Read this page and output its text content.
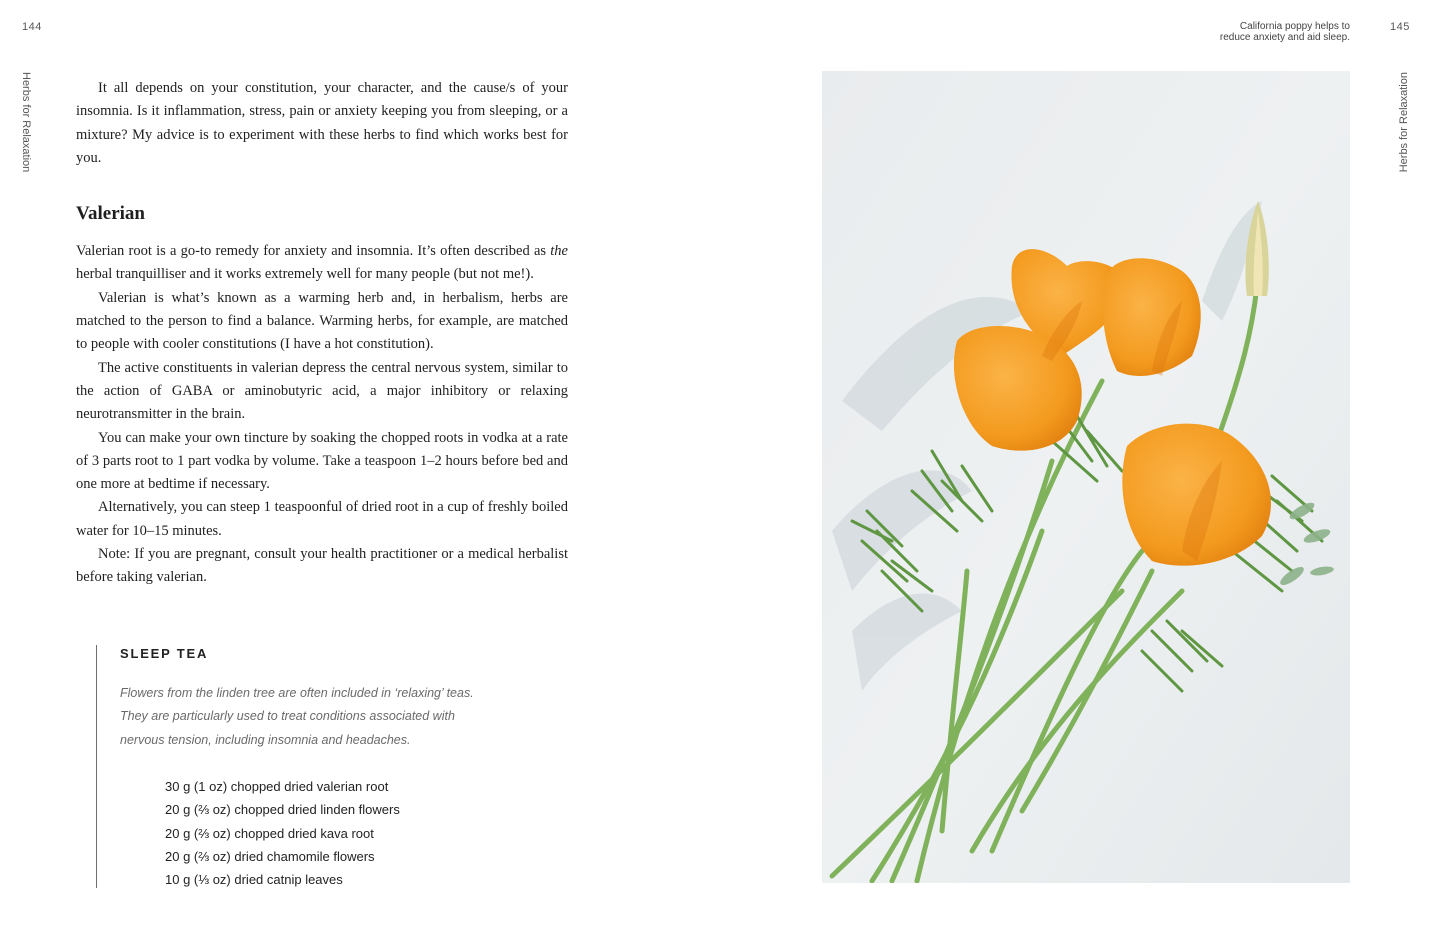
144
Herbs for Relaxation	It all depends on your constitution, your character, and the cause/s of your insomnia. Is it inflammation, stress, pain or anxiety keeping you from sleeping, or a mixture? My advice is to experiment with these herbs to find which works best for you.

Valerian

Valerian root is a go-to remedy for anxiety and insomnia. It’s often described as the herbal tranquilliser and it works extremely well for many people (but not me!).

Valerian is what’s known as a warming herb and, in herbalism, herbs are matched to the person to find a balance. Warming herbs, for example, are matched to people with cooler constitutions (I have a hot constitution).

The active constituents in valerian depress the central nervous system, similar to the action of GABA or aminobutyric acid, a major inhibitory or relaxing neurotransmitter in the brain.

You can make your own tincture by soaking the chopped roots in vodka at a rate of 3 parts root to 1 part vodka by volume. Take a teaspoon 1–2 hours before bed and one more at bedtime if necessary.

Alternatively, you can steep 1 teaspoonful of dried root in a cup of freshly boiled water for 10–15 minutes.

Note: If you are pregnant, consult your health practitioner or a medical herbalist before taking valerian.

SLEEP TEA
Flowers from the linden tree are often included in ‘relaxing’ teas.
They are particularly used to treat conditions associated with
nervous tension, including insomnia and headaches.
30 g (1 oz) chopped dried valerian root
20 g (⅔ oz) chopped dried linden flowers
20 g (⅔ oz) chopped dried kava root
20 g (⅔ oz) dried chamomile flowers
10 g (⅓ oz) dried catnip leaves
California poppy helps to reduce anxiety and aid sleep.
145
Herbs for Relaxation
